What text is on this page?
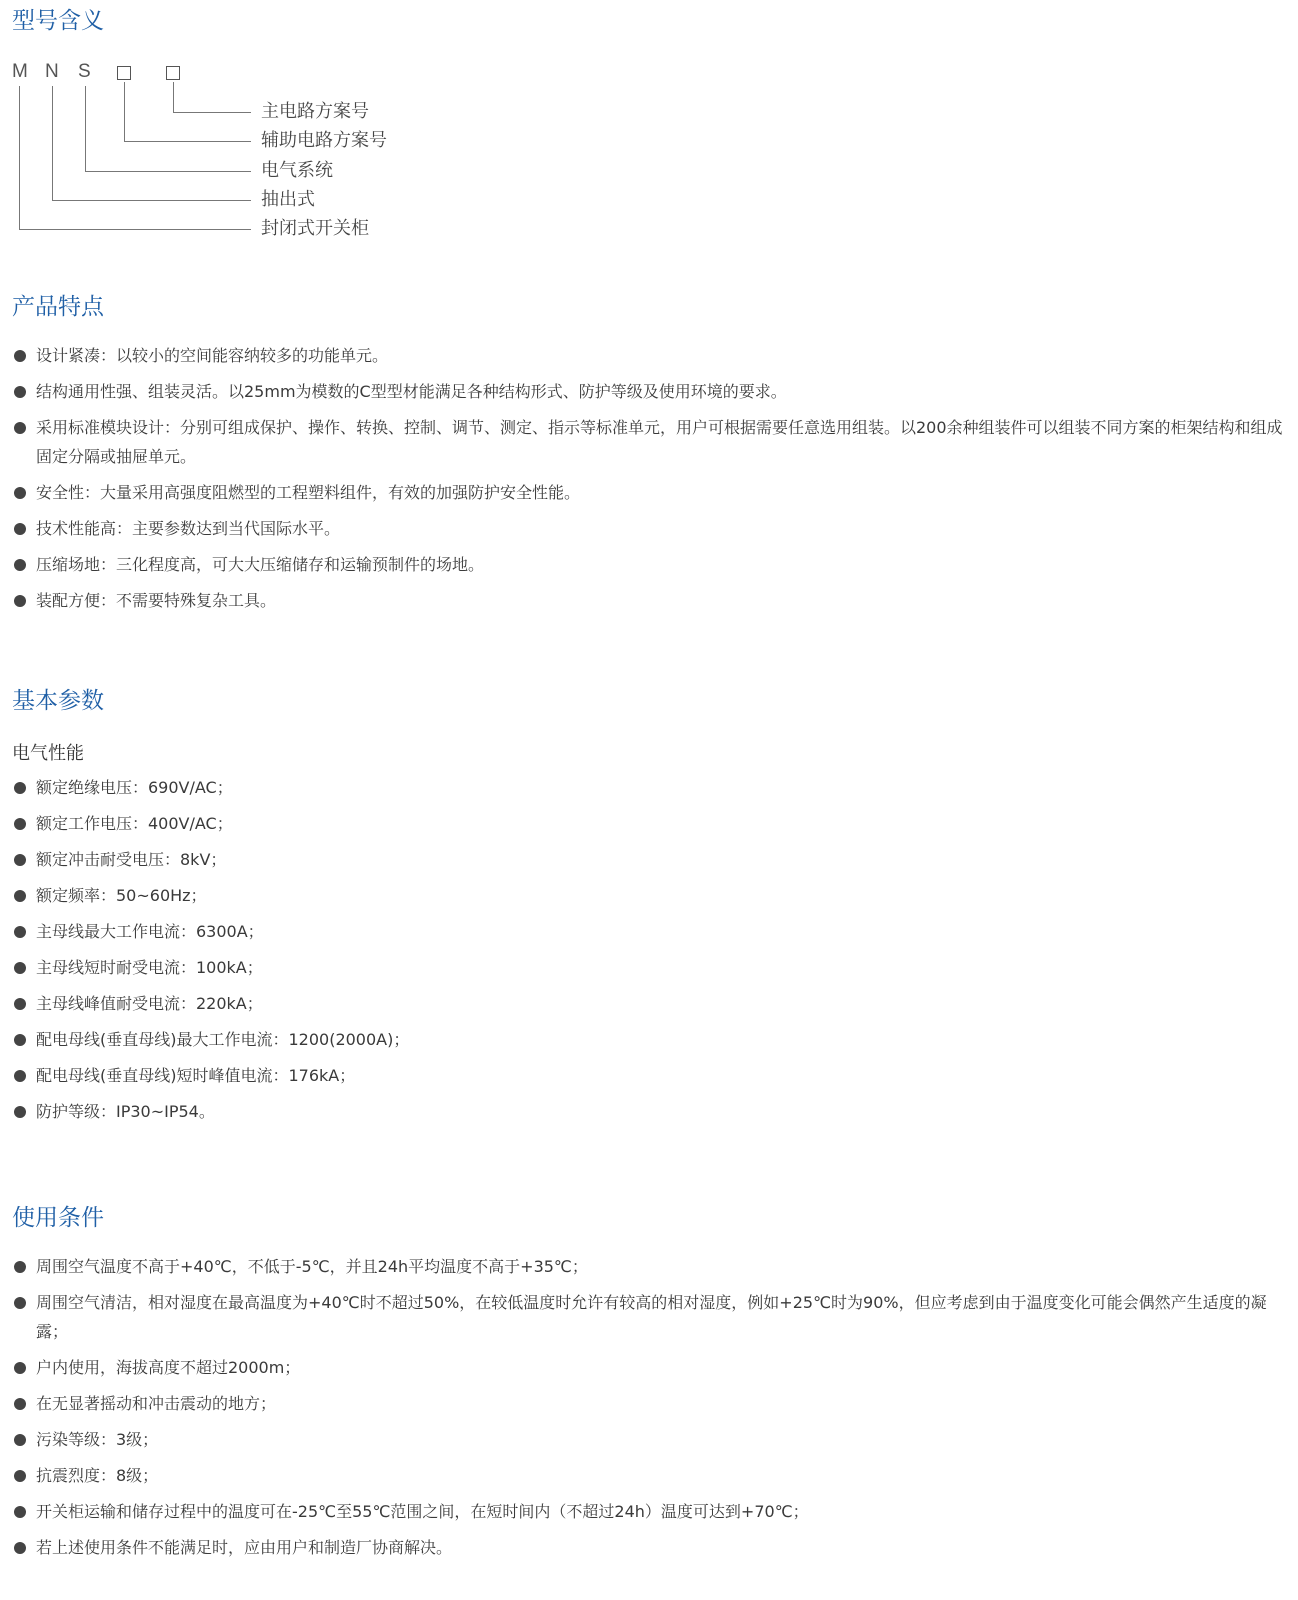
型号含义
M N S
主电路方案号
辅助电路方案号
电气系统
抽出式
封闭式开关柜
产品特点
设计紧凑：以较小的空间能容纳较多的功能单元。
结构通用性强、组装灵活。以25mm为模数的C型型材能满足各种结构形式、防护等级及使用环境的要求。
采用标准模块设计：分别可组成保护、操作、转换、控制、调节、测定、指示等标准单元，用户可根据需要任意选用组装。以200余种组装件可以组装不同方案的柜架结构和组成固定分隔或抽屉单元。
安全性：大量采用高强度阻燃型的工程塑料组件，有效的加强防护安全性能。
技术性能高：主要参数达到当代国际水平。
压缩场地：三化程度高，可大大压缩储存和运输预制件的场地。
装配方便：不需要特殊复杂工具。
基本参数

电气性能

额定绝缘电压：690V/AC；
额定工作电压：400V/AC；
额定冲击耐受电压：8kV；
额定频率：50~60Hz；
主母线最大工作电流：6300A；
主母线短时耐受电流：100kA；
主母线峰值耐受电流：220kA；
配电母线(垂直母线)最大工作电流：1200(2000A)；
配电母线(垂直母线)短时峰值电流：176kA；
防护等级：IP30~IP54。
使用条件
周围空气温度不高于+40℃，不低于-5℃，并且24h平均温度不高于+35℃；
周围空气清洁，相对湿度在最高温度为+40℃时不超过50%，在较低温度时允许有较高的相对湿度，例如+25℃时为90%，但应考虑到由于温度变化可能会偶然产生适度的凝露；
户内使用，海拔高度不超过2000m；
在无显著摇动和冲击震动的地方；
污染等级：3级；
抗震烈度：8级；
开关柜运输和储存过程中的温度可在-25℃至55℃范围之间，在短时间内（不超过24h）温度可达到+70℃；
若上述使用条件不能满足时，应由用户和制造厂协商解决。
